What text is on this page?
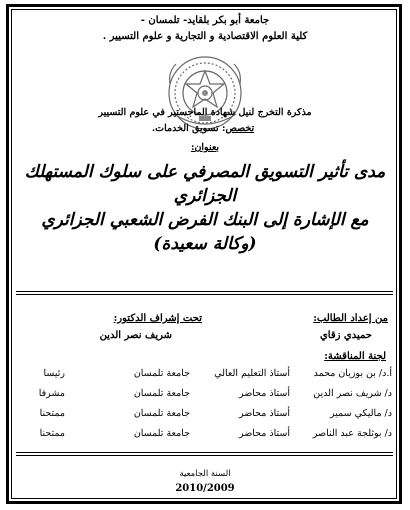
جامعة أبو بكر بلقايد- تلمسان -
كلية العلوم الاقتصادية و التجارية و علوم التسيير .
مذكرة التخرج لنيل شهادة الماجستير في علوم التسيير
تخصص: تسويق الخدمات.
بعنوان:
مدى تأثير التسويق المصرفي على سلوك المستهلك
الجزائري
مع الإشارة إلى البنك الفرض الشعبي الجزائري
(وكالة سعيدة)
من إعداد الطالب:
تحت إشراف الدكتور:
حميدي زقاي
شريف نصر الدين
لجنة المناقشة:
أ.د/ بن بوزيان محمد
أستاذ التعليم العالي
جامعة تلمسان
رئيسا
د/ شريف نصر الدين
أستاذ محاضر
جامعة تلمسان
مشرفا
د/ ماليكي سمير
أستاذ محاضر
جامعة تلمسان
ممتحنا
د/ بوثلجة عبد الناصر
أستاذ محاضر
جامعة تلمسان
ممتحنا
السنة الجامعية
2010/2009
